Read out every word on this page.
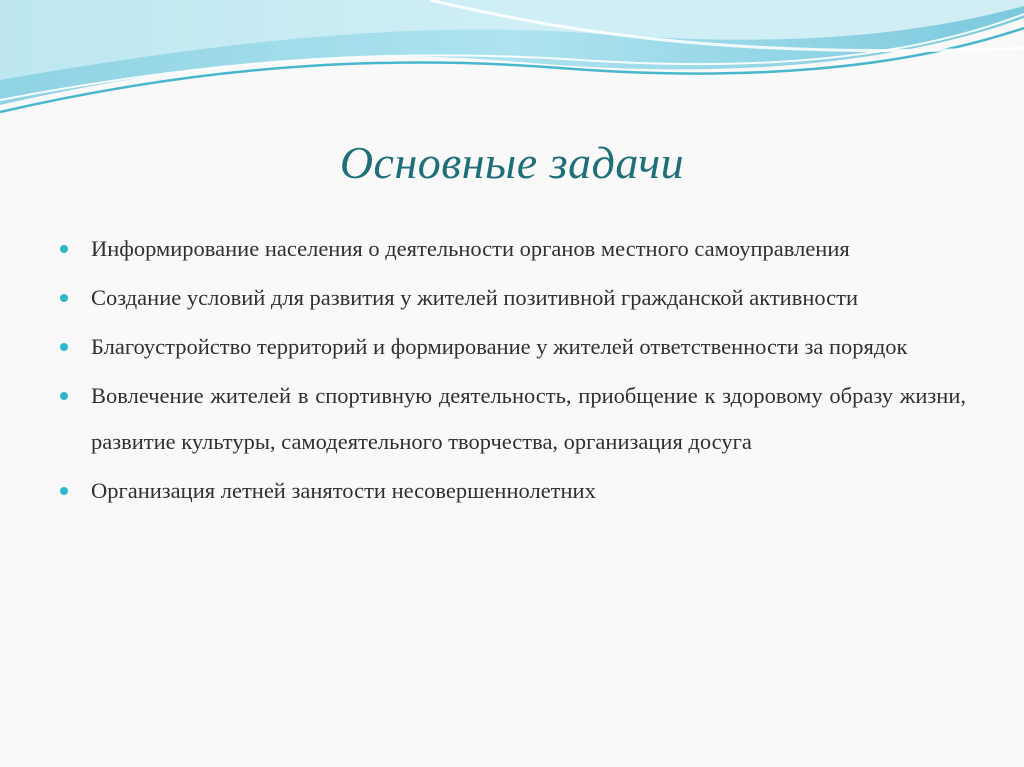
Основные задачи
Информирование населения о деятельности органов местного самоуправления
Создание условий для развития у жителей позитивной гражданской активности
Благоустройство территорий и формирование у жителей ответственности за порядок
Вовлечение жителей в спортивную деятельность, приобщение к здоровому образу жизни, развитие культуры, самодеятельного творчества, организация досуга
Организация летней занятости несовершеннолетних
